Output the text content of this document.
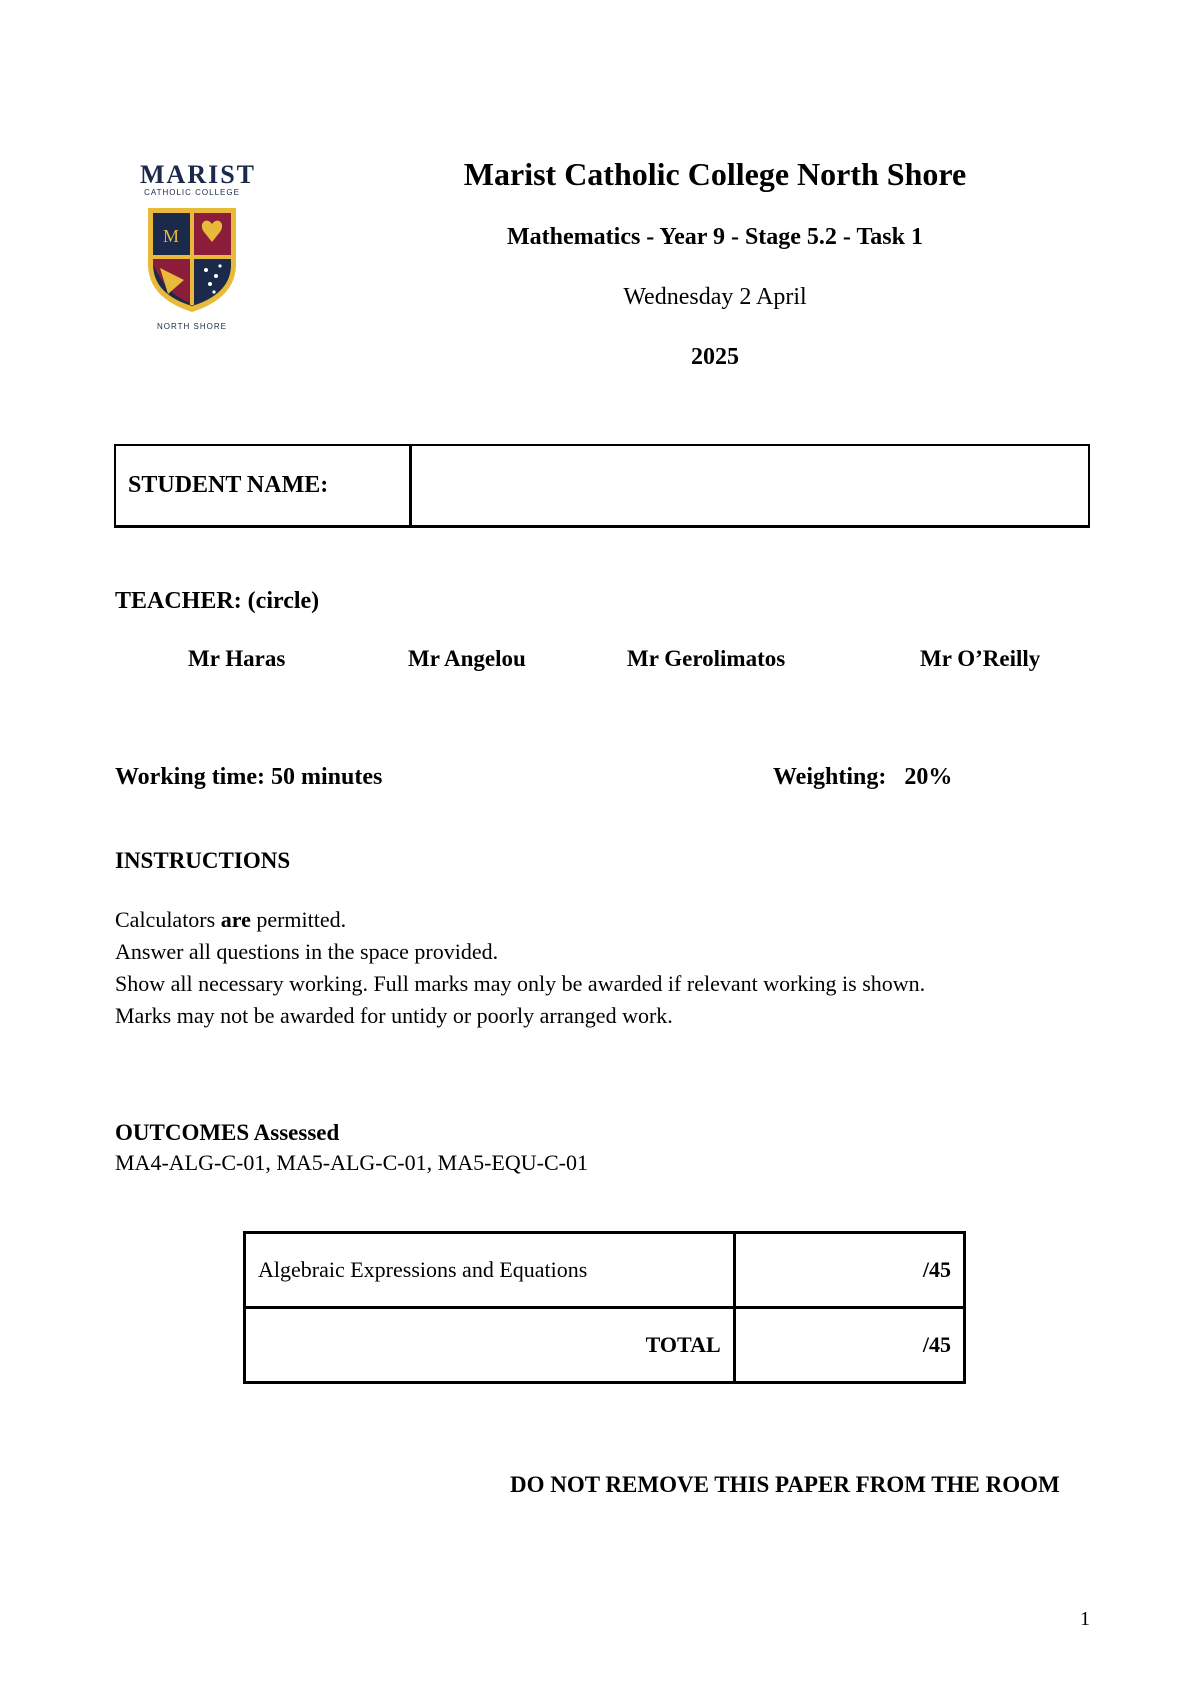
MARIST
CATHOLIC COLLEGE
M
NORTH SHORE
Marist Catholic College North Shore
Mathematics - Year 9 - Stage 5.2 - Task 1
Wednesday 2 April
2025
STUDENT NAME:
TEACHER: (circle)
Mr Haras	Mr Angelou	Mr Gerolimatos	Mr O’Reilly
Working time: 50 minutes	Weighting:   20%
INSTRUCTIONS
Calculators are permitted.
Answer all questions in the space provided.
Show all necessary working. Full marks may only be awarded if relevant working is shown.
Marks may not be awarded for untidy or poorly arranged work.
OUTCOMES Assessed
MA4-ALG-C-01, MA5-ALG-C-01, MA5-EQU-C-01
Algebraic Expressions and Equations	/45
TOTAL	/45
DO NOT REMOVE THIS PAPER FROM THE ROOM
1
